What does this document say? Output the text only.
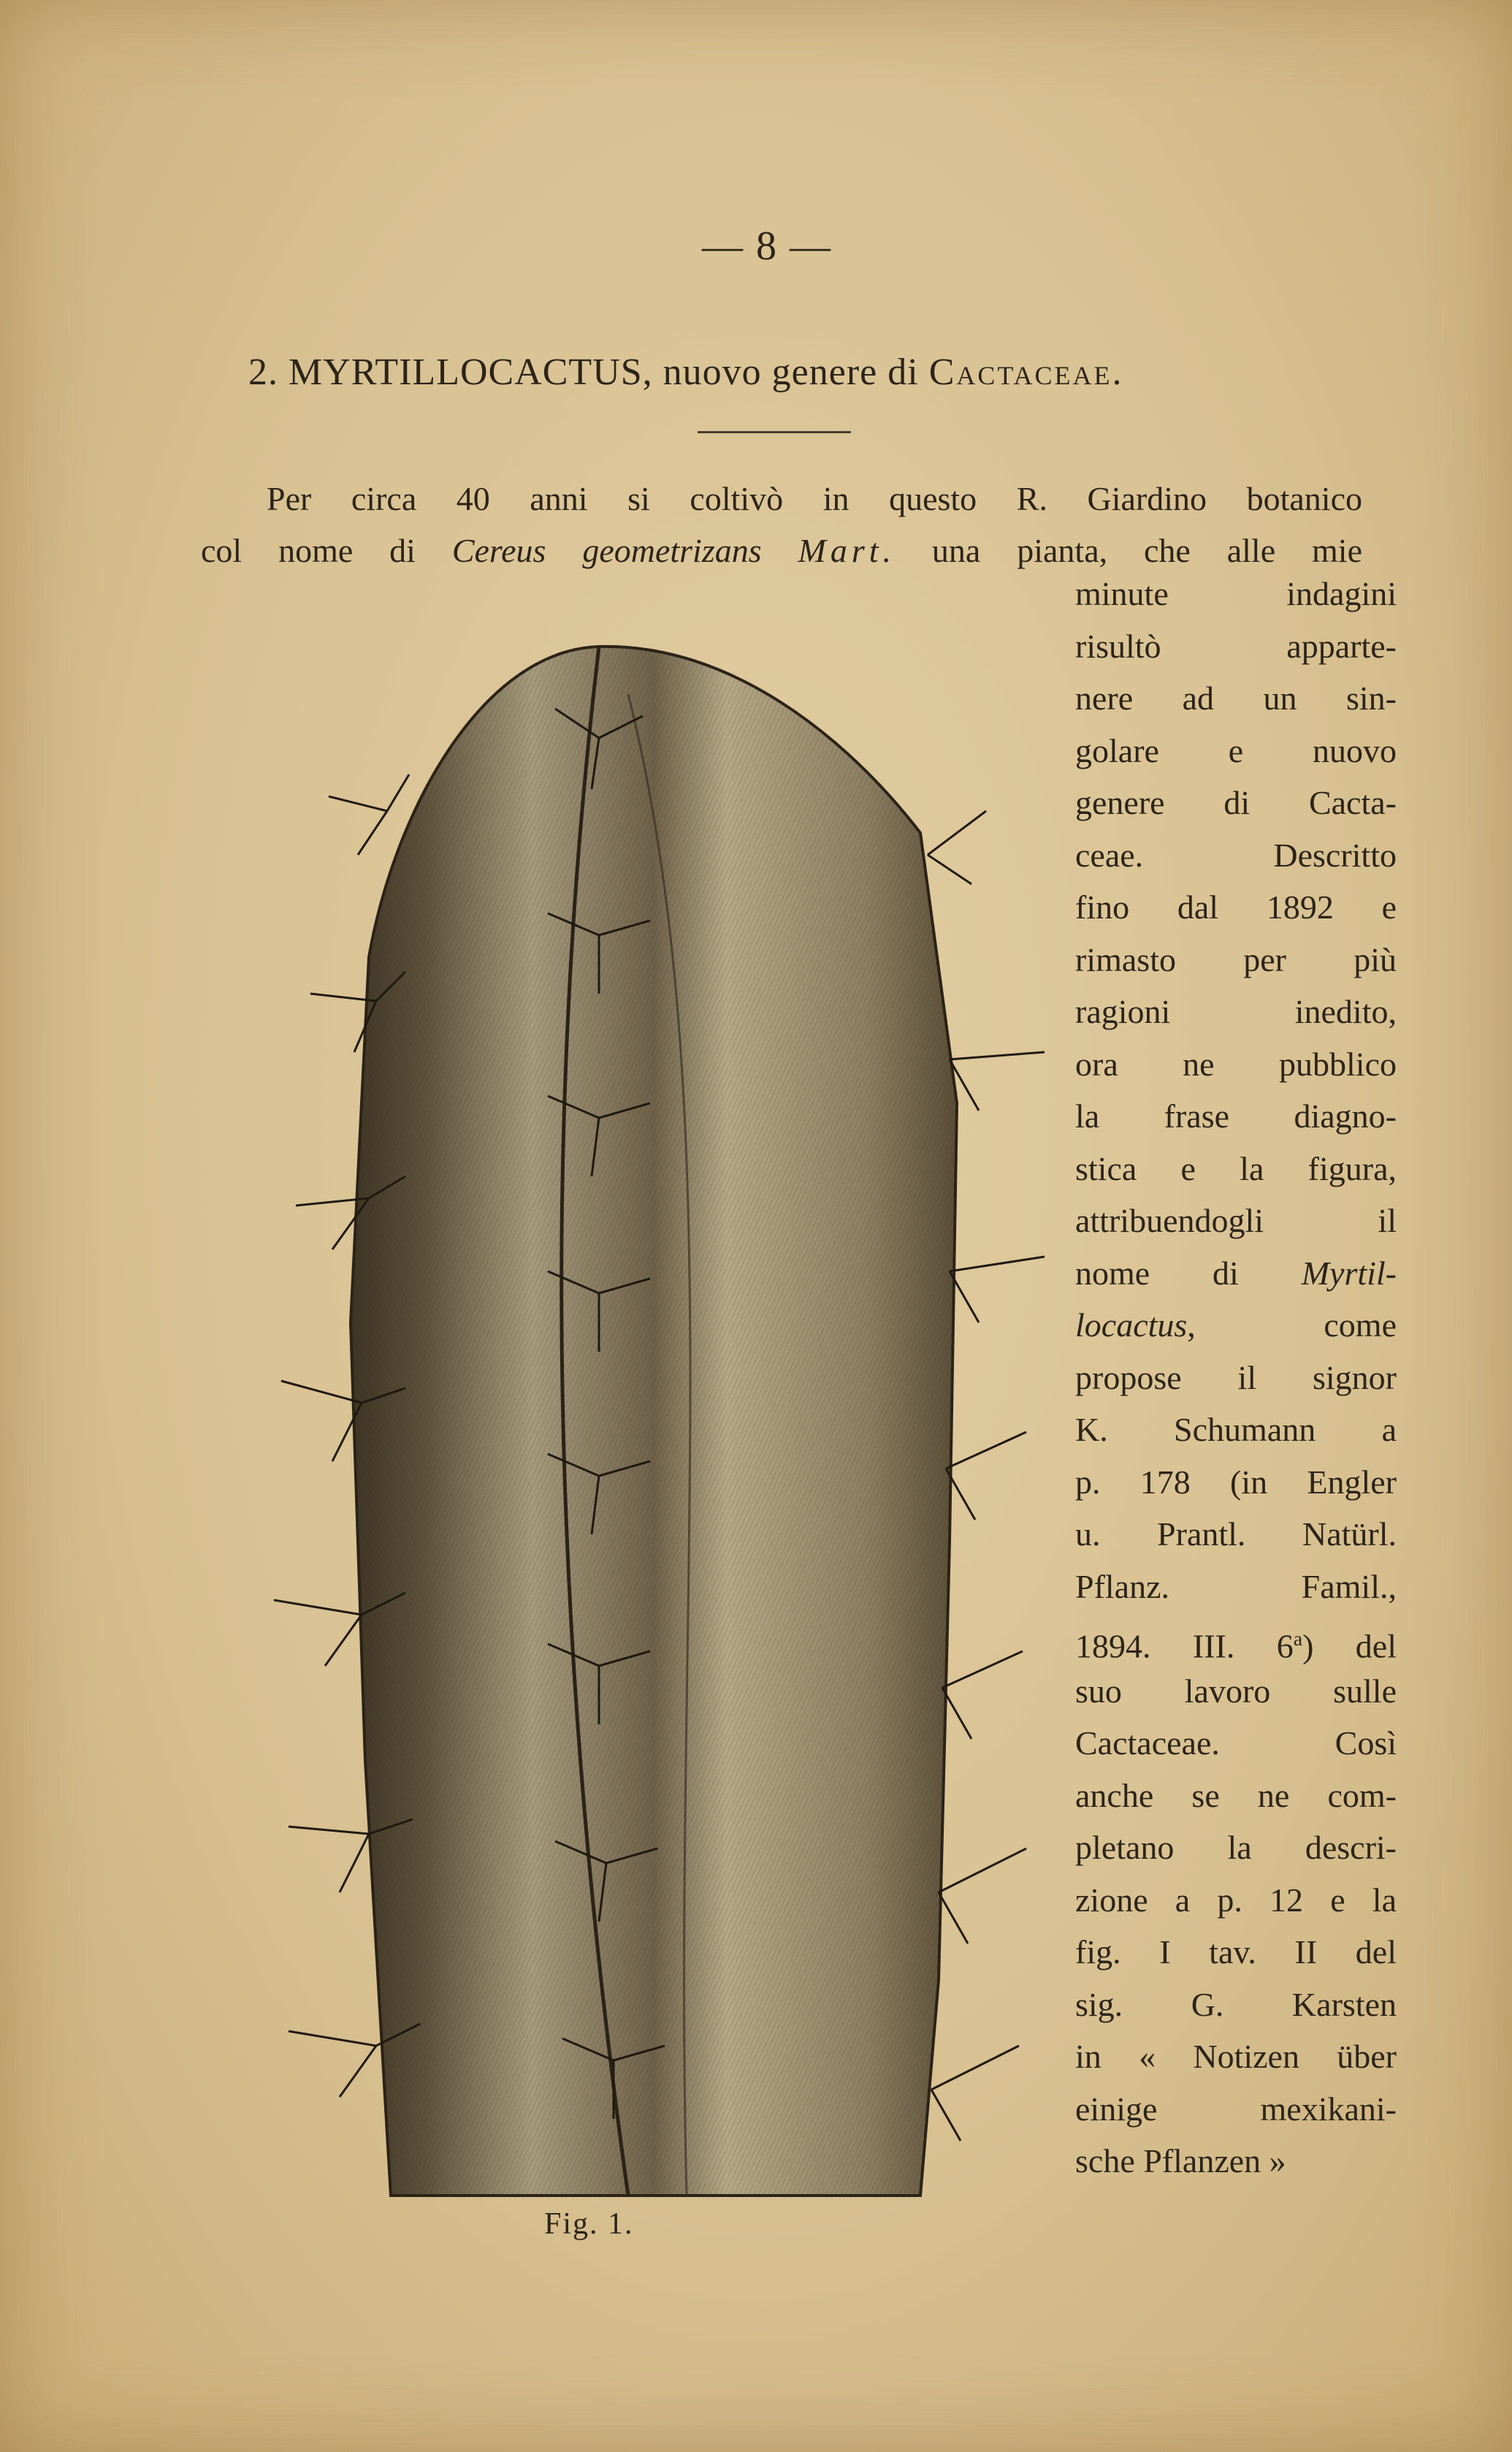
— 8 —
2. MYRTILLOCACTUS, nuovo genere di Cactaceae.
Per circa 40 anni si coltivò in questo R. Giardino botanico
col nome di Cereus geometrizans Mart. una pianta, che alle mie
minute indagini
risultò apparte-
nere ad un sin-
golare e nuovo
genere di Cacta-
ceae. Descritto
fino dal 1892 e
rimasto per più
ragioni inedito,
ora ne pubblico
la frase diagno-
stica e la figura,
attribuendogli il
nome di Myrtil-
locactus, come
propose il signor
K. Schumann a
p. 178 (in Engler
u. Prantl. Natürl.
Pflanz. Famil.,
1894. III. 6$^a$) del
suo lavoro sulle
Cactaceae. Così
anche se ne com-
pletano la descri-
zione a p. 12 e la
fig. I tav. II del
sig. G. Karsten
in « Notizen über
einige mexikani-
sche Pflanzen »
Fig. 1.
